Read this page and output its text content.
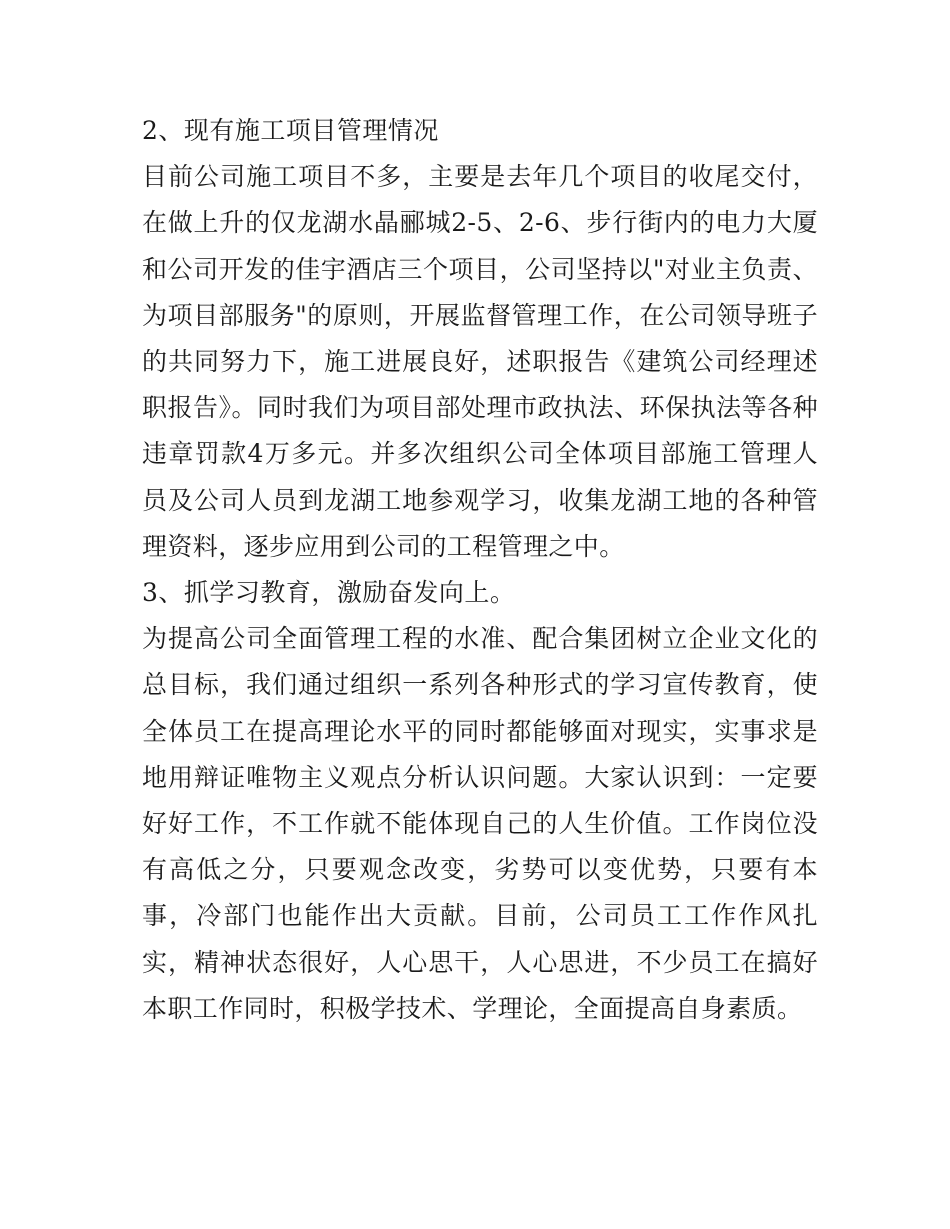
2、现有施工项目管理情况

目前公司施工项目不多，主要是去年几个项目的收尾交付，在做上升的仅龙湖水晶郦城2-5、2-6、步行街内的电力大厦和公司开发的佳宇酒店三个项目，公司坚持以"对业主负责、为项目部服务"的原则，开展监督管理工作，在公司领导班子的共同努力下，施工进展良好，述职报告《建筑公司经理述职报告》。同时我们为项目部处理市政执法、环保执法等各种违章罚款4万多元。并多次组织公司全体项目部施工管理人员及公司人员到龙湖工地参观学习，收集龙湖工地的各种管理资料，逐步应用到公司的工程管理之中。

3、抓学习教育，激励奋发向上。

为提高公司全面管理工程的水准、配合集团树立企业文化的总目标，我们通过组织一系列各种形式的学习宣传教育，使全体员工在提高理论水平的同时都能够面对现实，实事求是地用辩证唯物主义观点分析认识问题。大家认识到：一定要好好工作，不工作就不能体现自己的人生价值。工作岗位没有高低之分，只要观念改变，劣势可以变优势，只要有本事，冷部门也能作出大贡献。目前，公司员工工作作风扎实，精神状态很好，人心思干，人心思进，不少员工在搞好本职工作同时，积极学技术、学理论，全面提高自身素质。
